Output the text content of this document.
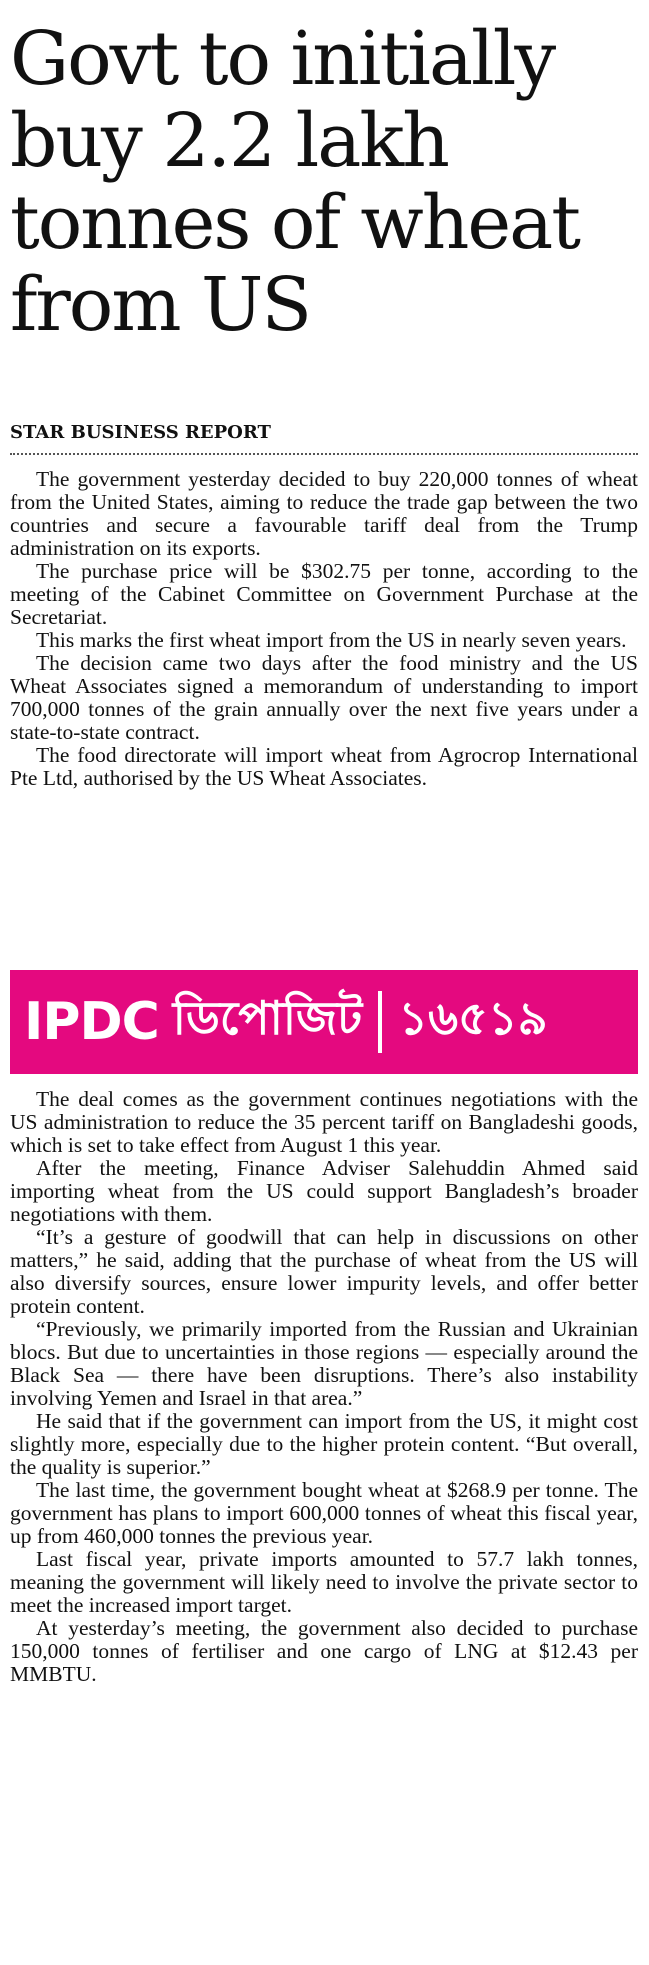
Govt to initially buy 2.2 lakh tonnes of wheat from US
STAR BUSINESS REPORT

The government yesterday decided to buy 220,000 tonnes of wheat from the United States, aiming to reduce the trade gap between the two countries and secure a favourable tariff deal from the Trump administration on its exports.

The purchase price will be $302.75 per tonne, according to the meeting of the Cabinet Committee on Government Purchase at the Secretariat.

This marks the first wheat import from the US in nearly seven years.

The decision came two days after the food ministry and the US Wheat Associates signed a memorandum of understanding to import 700,000 tonnes of the grain annually over the next five years under a state-to-state contract.

The food directorate will import wheat from Agrocrop International Pte Ltd, authorised by the US Wheat Associates.

IPDC ডিপোজিট ১৬৫১৯

The deal comes as the government continues negotiations with the US administration to reduce the 35 percent tariff on Bangladeshi goods, which is set to take effect from August 1 this year.

After the meeting, Finance Adviser Salehuddin Ahmed said importing wheat from the US could support Bangladesh’s broader negotiations with them.

“It’s a gesture of goodwill that can help in discussions on other matters,” he said, adding that the purchase of wheat from the US will also diversify sources, ensure lower impurity levels, and offer better protein content.

“Previously, we primarily imported from the Russian and Ukrainian blocs. But due to uncertainties in those regions — especially around the Black Sea — there have been disruptions. There’s also instability involving Yemen and Israel in that area.”

He said that if the government can import from the US, it might cost slightly more, especially due to the higher protein content. “But overall, the quality is superior.”

The last time, the government bought wheat at $268.9 per tonne. The government has plans to import 600,000 tonnes of wheat this fiscal year, up from 460,000 tonnes the previous year.

Last fiscal year, private imports amounted to 57.7 lakh tonnes, meaning the government will likely need to involve the private sector to meet the increased import target.

At yesterday’s meeting, the government also decided to purchase 150,000 tonnes of fertiliser and one cargo of LNG at $12.43 per MMBTU.
